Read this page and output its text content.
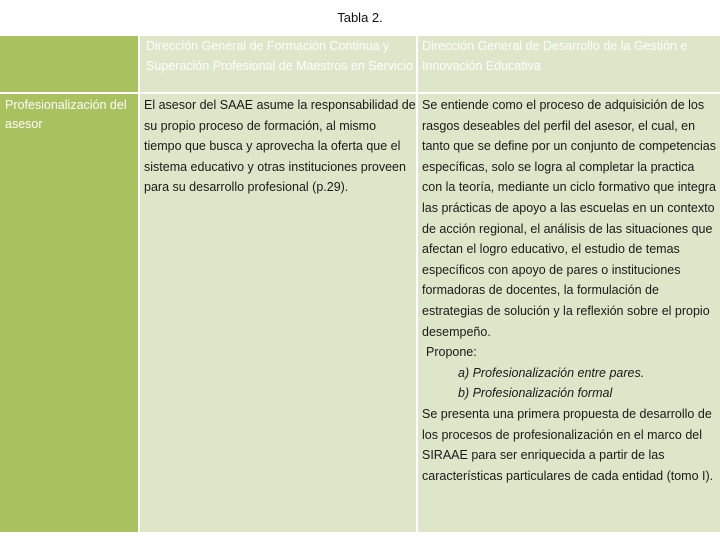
Tabla 2.
Profesionalización del asesor
Dirección General de Formación Continua y Superación Profesional de Maestros en Servicio
Dirección General de Desarrollo de la Gestión e Innovación Educativa
El asesor del SAAE asume la responsabilidad de su propio proceso de formación, al mismo tiempo que busca y aprovecha la oferta que el sistema educativo y otras instituciones proveen para su desarrollo profesional (p.29).
Se entiende como el proceso de adquisición de los rasgos deseables del perfil del asesor, el cual, en tanto que se define por un conjunto de competencias específicas, solo se logra al completar la practica con la teoría, mediante un ciclo formativo que integra las prácticas de apoyo a las escuelas en un contexto de acción regional, el análisis de las situaciones que afectan el logro educativo, el estudio de temas específicos con apoyo de pares o instituciones formadoras de docentes, la formulación de estrategias de solución y la reflexión sobre el propio desempeño.
Propone:
a) Profesionalización entre pares.
b) Profesionalización formal
Se presenta una primera propuesta de desarrollo de los procesos de profesionalización en el marco del SIRAAE para ser enriquecida a partir de las características particulares de cada entidad (tomo I).
